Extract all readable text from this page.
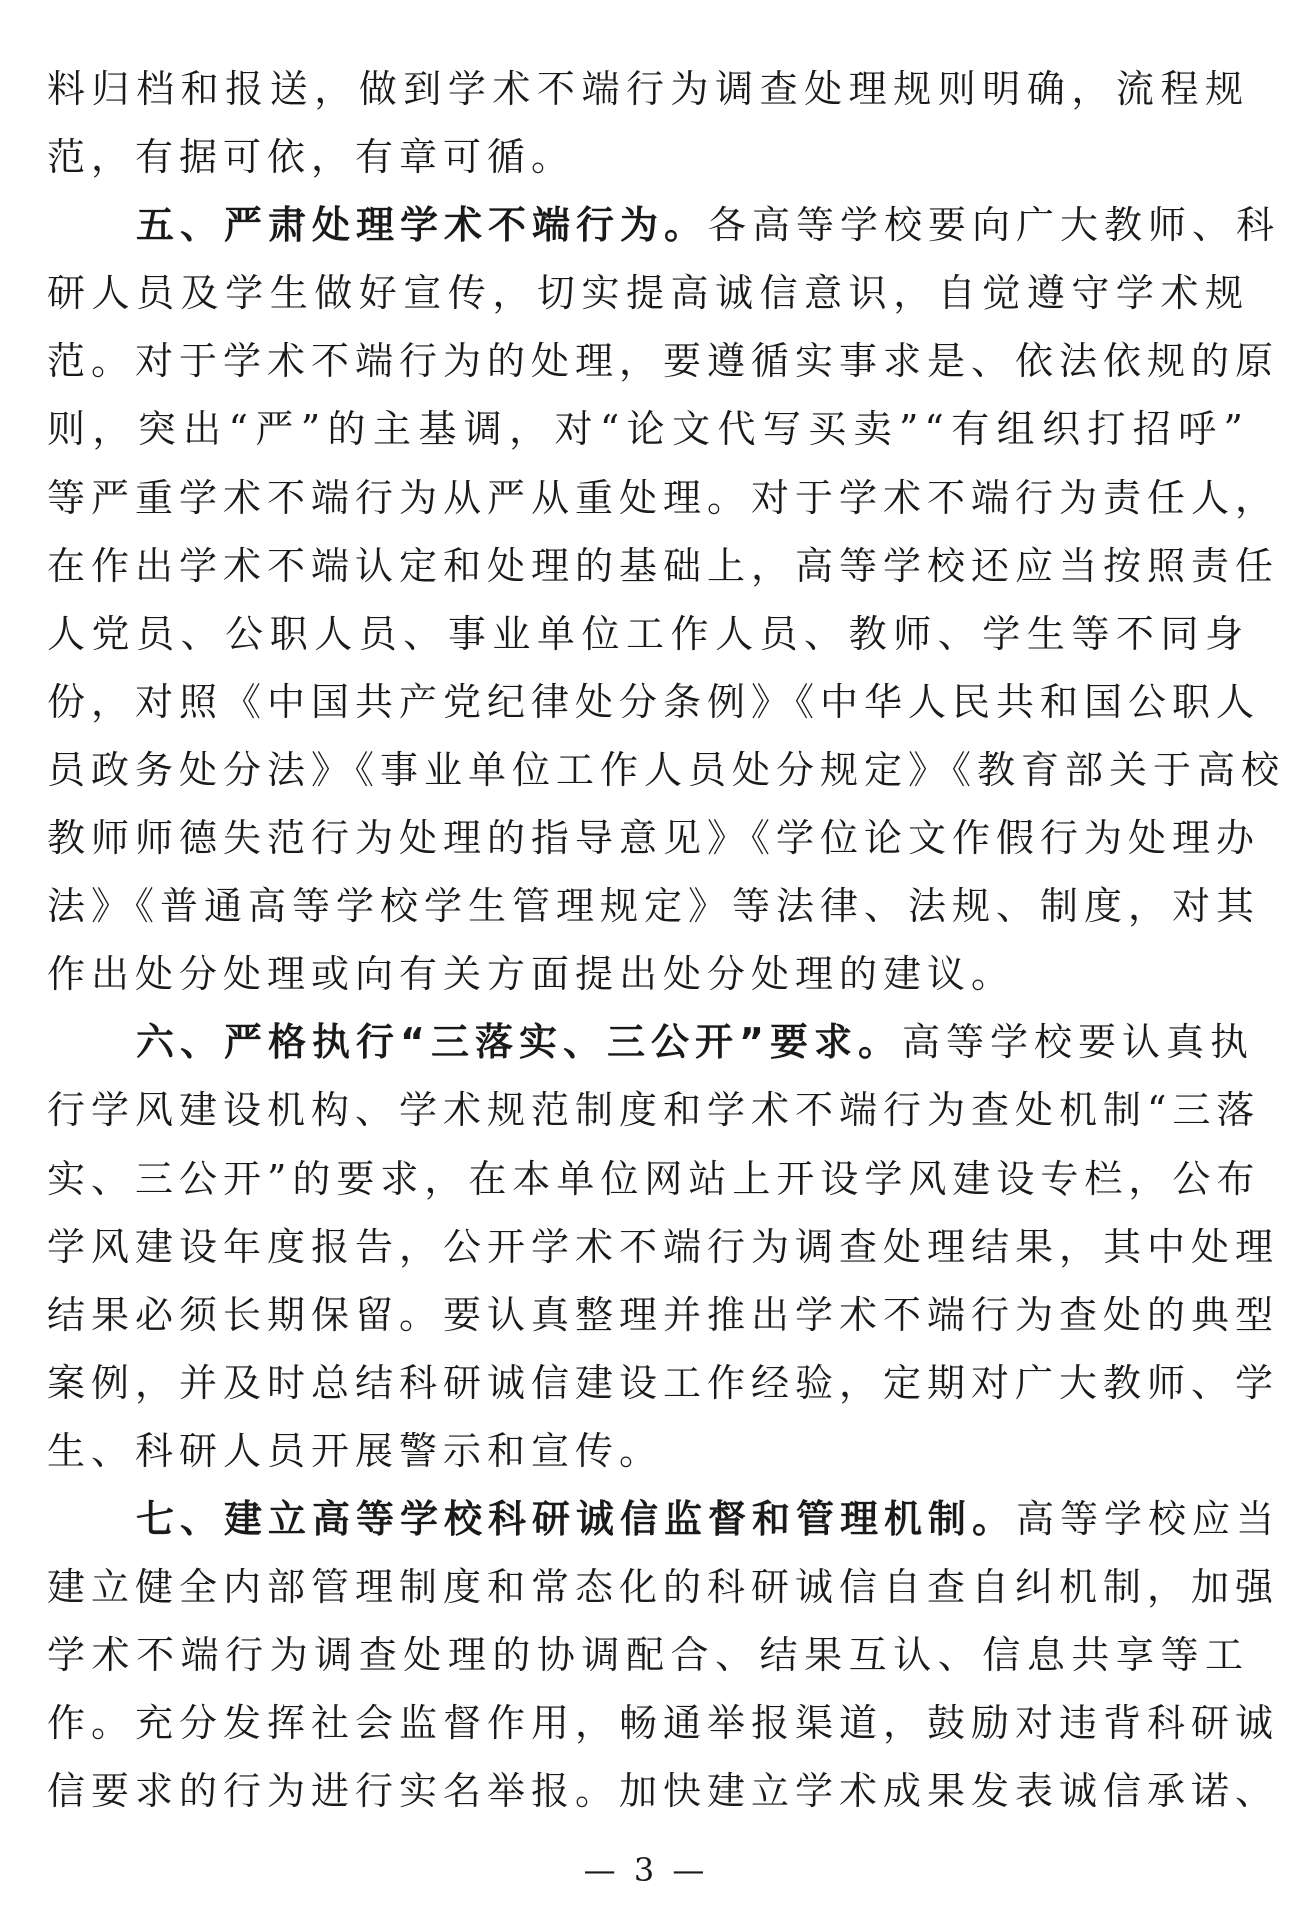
料归档和报送，做到学术不端行为调查处理规则明确，流程规
范，有据可依，有章可循。
五、严肃处理学术不端行为。各高等学校要向广大教师、科
研人员及学生做好宣传，切实提高诚信意识，自觉遵守学术规
范。对于学术不端行为的处理，要遵循实事求是、依法依规的原
则，突出“严”的主基调，对“论文代写买卖”“有组织打招呼”
等严重学术不端行为从严从重处理。对于学术不端行为责任人，
在作出学术不端认定和处理的基础上，高等学校还应当按照责任
人党员、公职人员、事业单位工作人员、教师、学生等不同身
份，对照《中国共产党纪律处分条例》《中华人民共和国公职人
员政务处分法》《事业单位工作人员处分规定》《教育部关于高校
教师师德失范行为处理的指导意见》《学位论文作假行为处理办
法》《普通高等学校学生管理规定》等法律、法规、制度，对其
作出处分处理或向有关方面提出处分处理的建议。
六、严格执行“三落实、三公开”要求。高等学校要认真执
行学风建设机构、学术规范制度和学术不端行为查处机制“三落
实、三公开”的要求，在本单位网站上开设学风建设专栏，公布
学风建设年度报告，公开学术不端行为调查处理结果，其中处理
结果必须长期保留。要认真整理并推出学术不端行为查处的典型
案例，并及时总结科研诚信建设工作经验，定期对广大教师、学
生、科研人员开展警示和宣传。
七、建立高等学校科研诚信监督和管理机制。高等学校应当
建立健全内部管理制度和常态化的科研诚信自查自纠机制，加强
学术不端行为调查处理的协调配合、结果互认、信息共享等工
作。充分发挥社会监督作用，畅通举报渠道，鼓励对违背科研诚
信要求的行为进行实名举报。加快建立学术成果发表诚信承诺、
— 3 —
